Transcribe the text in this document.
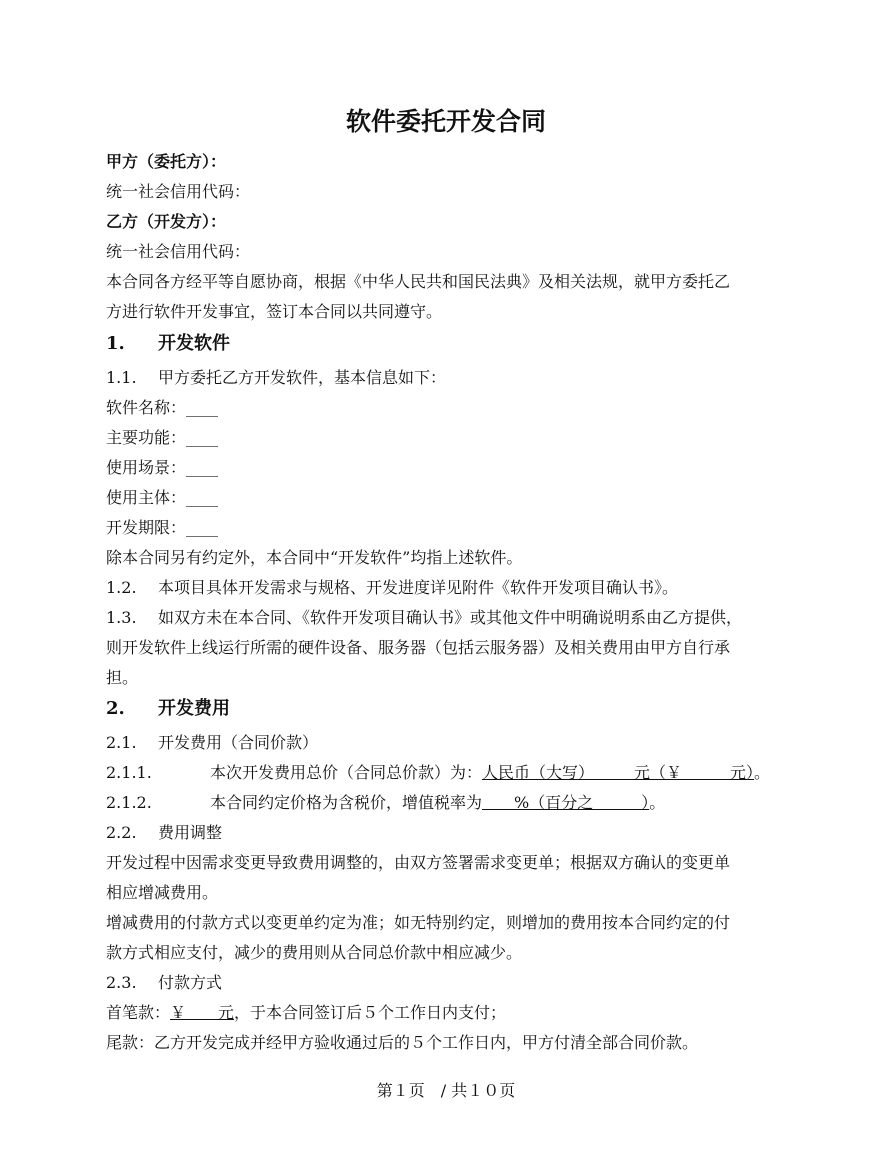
软件委托开发合同
甲方（委托方）：
统一社会信用代码：
乙方（开发方）：
统一社会信用代码：
本合同各方经平等自愿协商，根据《中华人民共和国民法典》及相关法规，就甲方委托乙
方进行软件开发事宜，签订本合同以共同遵守。
1. 开发软件
1.1. 甲方委托乙方开发软件，基本信息如下：
软件名称：____
主要功能：____
使用场景：____
使用主体：____
开发期限：____
除本合同另有约定外，本合同中“开发软件”均指上述软件。
1.2. 本项目具体开发需求与规格、开发进度详见附件《软件开发项目确认书》。
1.3. 如双方未在本合同、《软件开发项目确认书》或其他文件中明确说明系由乙方提供，
则开发软件上线运行所需的硬件设备、服务器（包括云服务器）及相关费用由甲方自行承
担。
2. 开发费用
2.1. 开发费用（合同价款）
2.1.1.	本次开发费用总价（合同总价款）为：人民币（大写）　　　元（￥　　　元）。
2.1.2.	本合同约定价格为含税价，增值税率为　　%（百分之　　　）。
2.2. 费用调整
开发过程中因需求变更导致费用调整的，由双方签署需求变更单；根据双方确认的变更单
相应增减费用。
增减费用的付款方式以变更单约定为准；如无特别约定，则增加的费用按本合同约定的付
款方式相应支付，减少的费用则从合同总价款中相应减少。
2.3. 付款方式
首笔款：￥　　元，于本合同签订后５个工作日内支付；
尾款：乙方开发完成并经甲方验收通过后的５个工作日内，甲方付清全部合同价款。
第１页　/ 共１０页
